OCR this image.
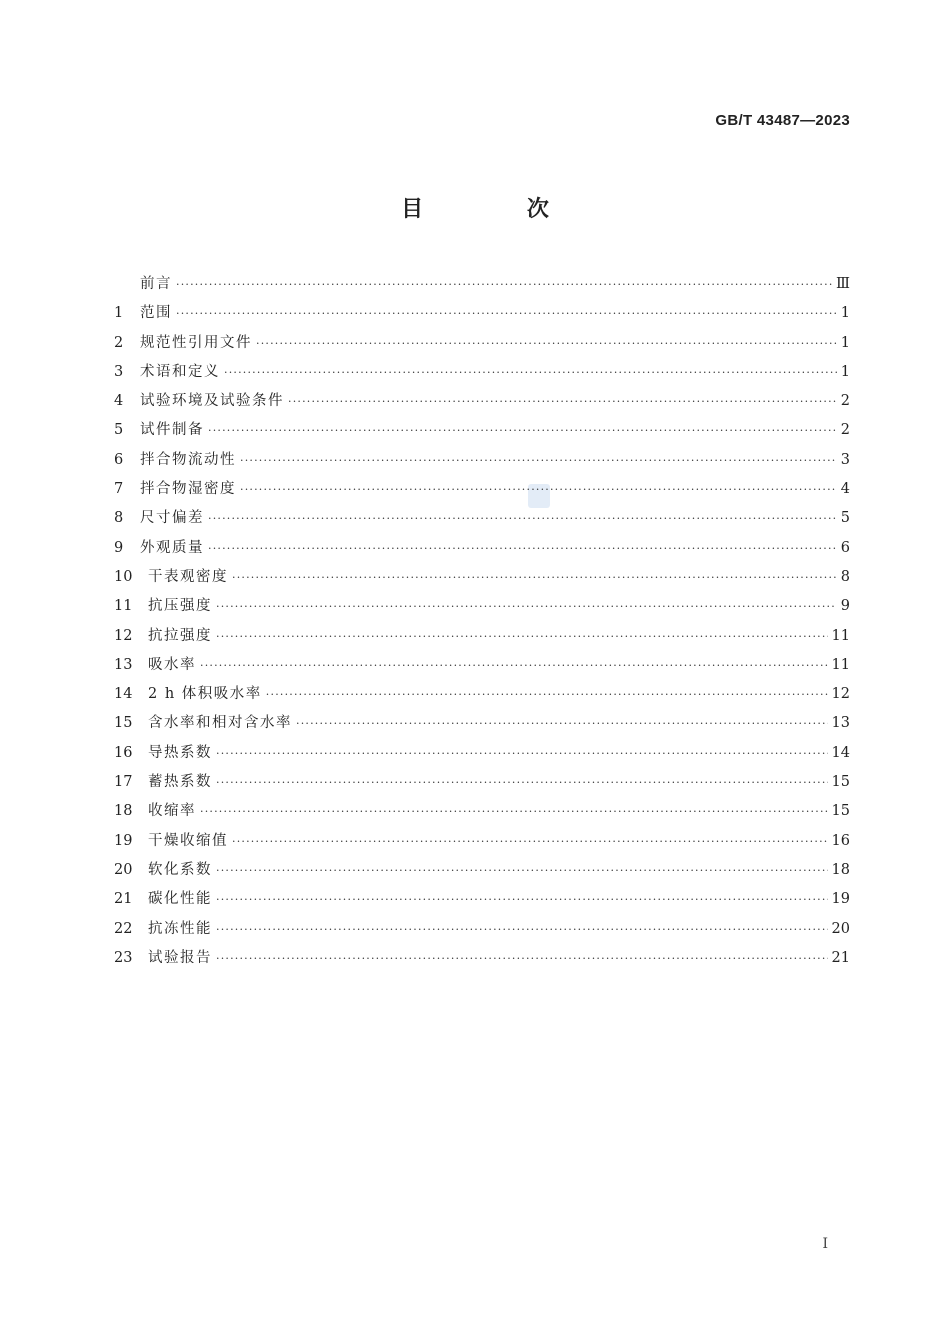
GB/T 43487—2023
目 次
前言 ·····	Ⅲ
1	范围 ·····	1
2	规范性引用文件 ·····	1
3	术语和定义 ·····	1
4	试验环境及试验条件 ·····	2
5	试件制备 ·····	2
6	拌合物流动性 ·····	3
7	拌合物湿密度 ·····	4
8	尺寸偏差 ·····	5
9	外观质量 ·····	6
10	干表观密度 ·····	8
11	抗压强度 ·····	9
12	抗拉强度 ·····	11
13	吸水率 ·····	11
14	2 h 体积吸水率 ·····	12
15	含水率和相对含水率 ·····	13
16	导热系数 ·····	14
17	蓄热系数 ·····	15
18	收缩率 ·····	15
19	干燥收缩值 ·····	16
20	软化系数 ·····	18
21	碳化性能 ·····	19
22	抗冻性能 ·····	20
23	试验报告 ·····	21
I
